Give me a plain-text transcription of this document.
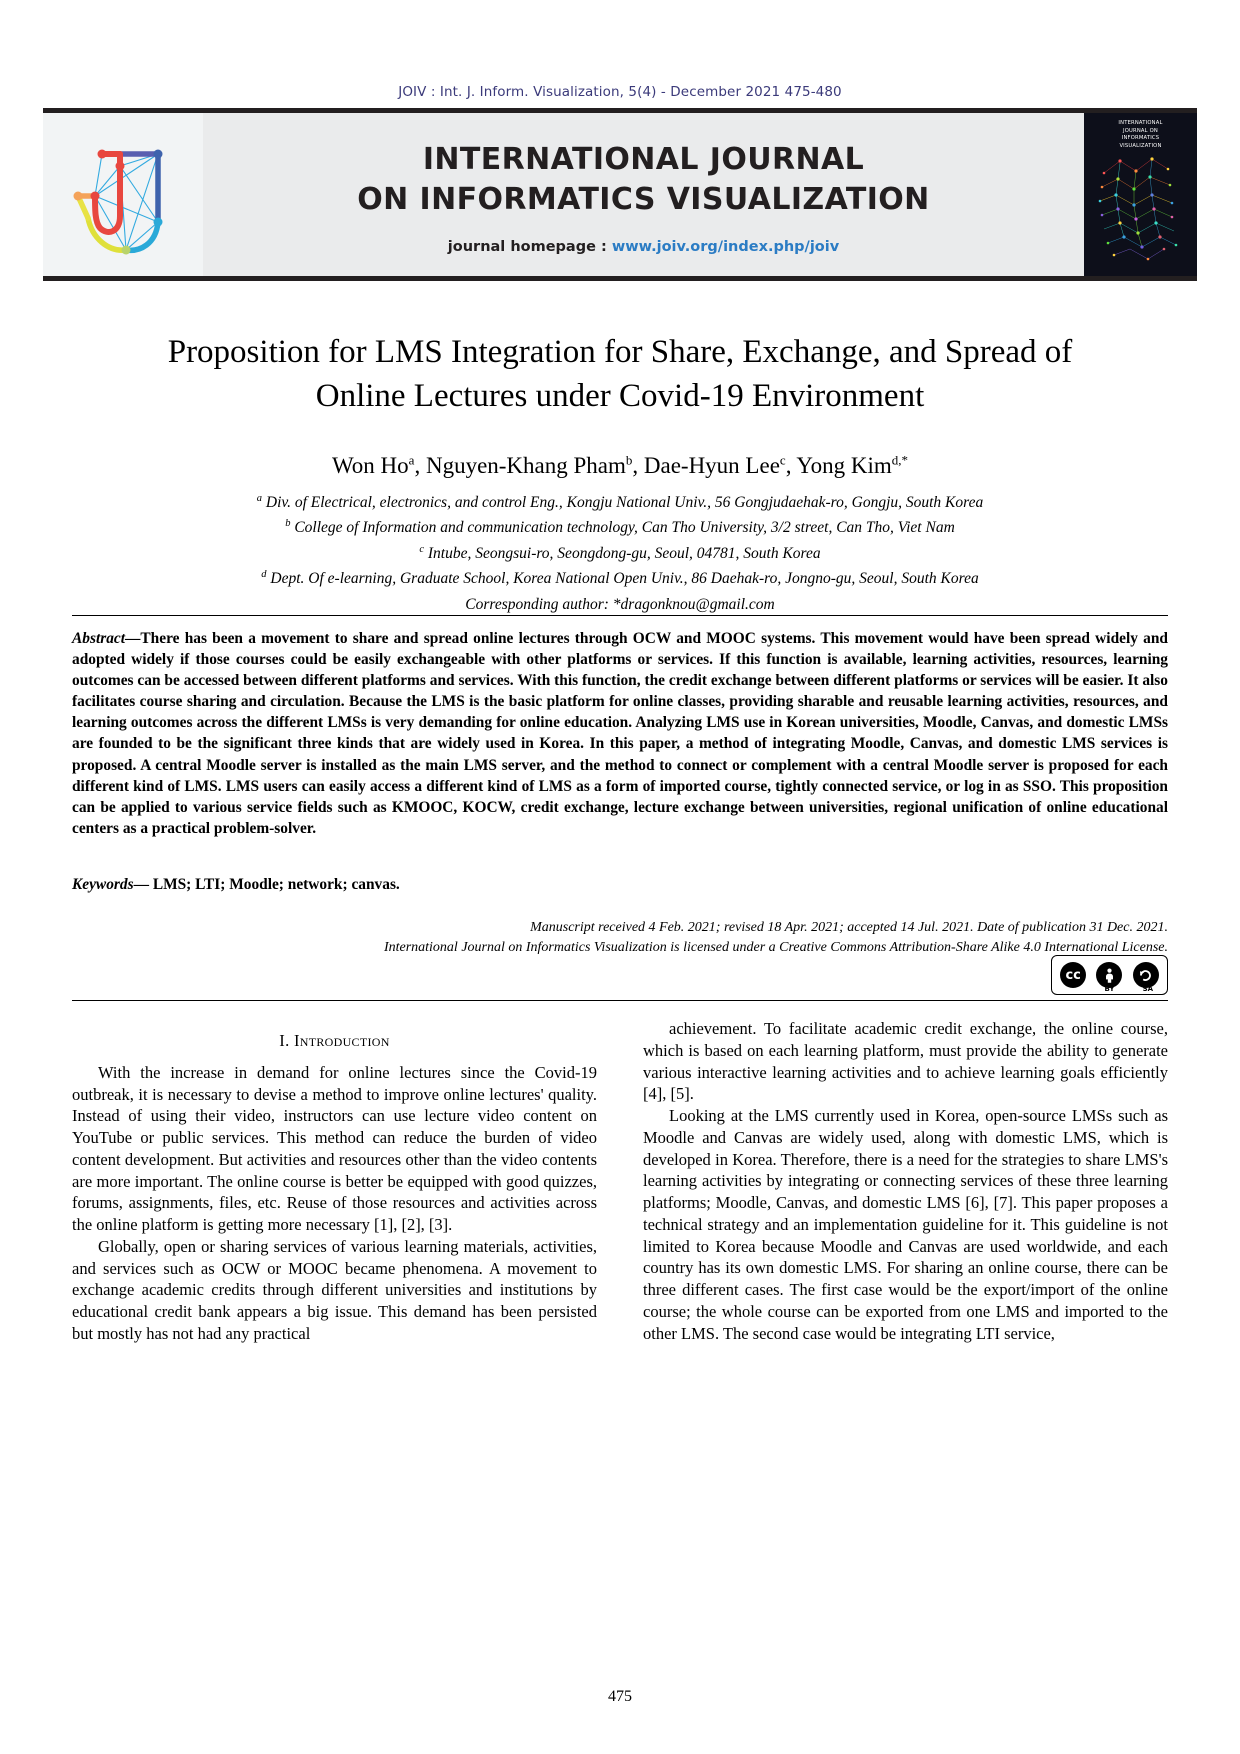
JOIV : Int. J. Inform. Visualization, 5(4) - December 2021 475-480
INTERNATIONAL JOURNAL
ON INFORMATICS VISUALIZATION
journal homepage : www.joiv.org/index.php/joiv
INTERNATIONAL
JOURNAL ON
INFORMATICS
VISUALIZATION
Proposition for LMS Integration for Share, Exchange, and Spread of
Online Lectures under Covid-19 Environment
Won Ho$^a$, Nguyen-Khang Pham$^b$, Dae-Hyun Lee$^c$, Yong Kim$^{d,*}$
$^a$ Div. of Electrical, electronics, and control Eng., Kongju National Univ., 56 Gongjudaehak-ro, Gongju, South Korea
$^b$ College of Information and communication technology, Can Tho University, 3/2 street, Can Tho, Viet Nam
$^c$ Intube, Seongsui-ro, Seongdong-gu, Seoul, 04781, South Korea
$^d$ Dept. Of e-learning, Graduate School, Korea National Open Univ., 86 Daehak-ro, Jongno-gu, Seoul, South Korea
Corresponding author: *dragonknou@gmail.com
Abstract—There has been a movement to share and spread online lectures through OCW and MOOC systems. This movement would have been spread widely and adopted widely if those courses could be easily exchangeable with other platforms or services. If this function is available, learning activities, resources, learning outcomes can be accessed between different platforms and services. With this function, the credit exchange between different platforms or services will be easier. It also facilitates course sharing and circulation. Because the LMS is the basic platform for online classes, providing sharable and reusable learning activities, resources, and learning outcomes across the different LMSs is very demanding for online education. Analyzing LMS use in Korean universities, Moodle, Canvas, and domestic LMSs are founded to be the significant three kinds that are widely used in Korea. In this paper, a method of integrating Moodle, Canvas, and domestic LMS services is proposed. A central Moodle server is installed as the main LMS server, and the method to connect or complement with a central Moodle server is proposed for each different kind of LMS. LMS users can easily access a different kind of LMS as a form of imported course, tightly connected service, or log in as SSO. This proposition can be applied to various service fields such as KMOOC, KOCW, credit exchange, lecture exchange between universities, regional unification of online educational centers as a practical problem-solver.
Keywords— LMS; LTI; Moodle; network; canvas.
Manuscript received 4 Feb. 2021; revised 18 Apr. 2021; accepted 14 Jul. 2021. Date of publication 31 Dec. 2021.
International Journal on Informatics Visualization is licensed under a Creative Commons Attribution-Share Alike 4.0 International License.
cc
BY	SA
I. Introduction

With the increase in demand for online lectures since the Covid-19 outbreak, it is necessary to devise a method to improve online lectures' quality. Instead of using their video, instructors can use lecture video content on YouTube or public services. This method can reduce the burden of video content development. But activities and resources other than the video contents are more important. The online course is better be equipped with good quizzes, forums, assignments, files, etc. Reuse of those resources and activities across the online platform is getting more necessary [1], [2], [3].

Globally, open or sharing services of various learning materials, activities, and services such as OCW or MOOC became phenomena. A movement to exchange academic credits through different universities and institutions by educational credit bank appears a big issue. This demand has been persisted but mostly has not had any practical

achievement. To facilitate academic credit exchange, the online course, which is based on each learning platform, must provide the ability to generate various interactive learning activities and to achieve learning goals efficiently [4], [5].

Looking at the LMS currently used in Korea, open-source LMSs such as Moodle and Canvas are widely used, along with domestic LMS, which is developed in Korea. Therefore, there is a need for the strategies to share LMS's learning activities by integrating or connecting services of these three learning platforms; Moodle, Canvas, and domestic LMS [6], [7]. This paper proposes a technical strategy and an implementation guideline for it. This guideline is not limited to Korea because Moodle and Canvas are used worldwide, and each country has its own domestic LMS. For sharing an online course, there can be three different cases. The first case would be the export/import of the online course; the whole course can be exported from one LMS and imported to the other LMS. The second case would be integrating LTI service,

475
